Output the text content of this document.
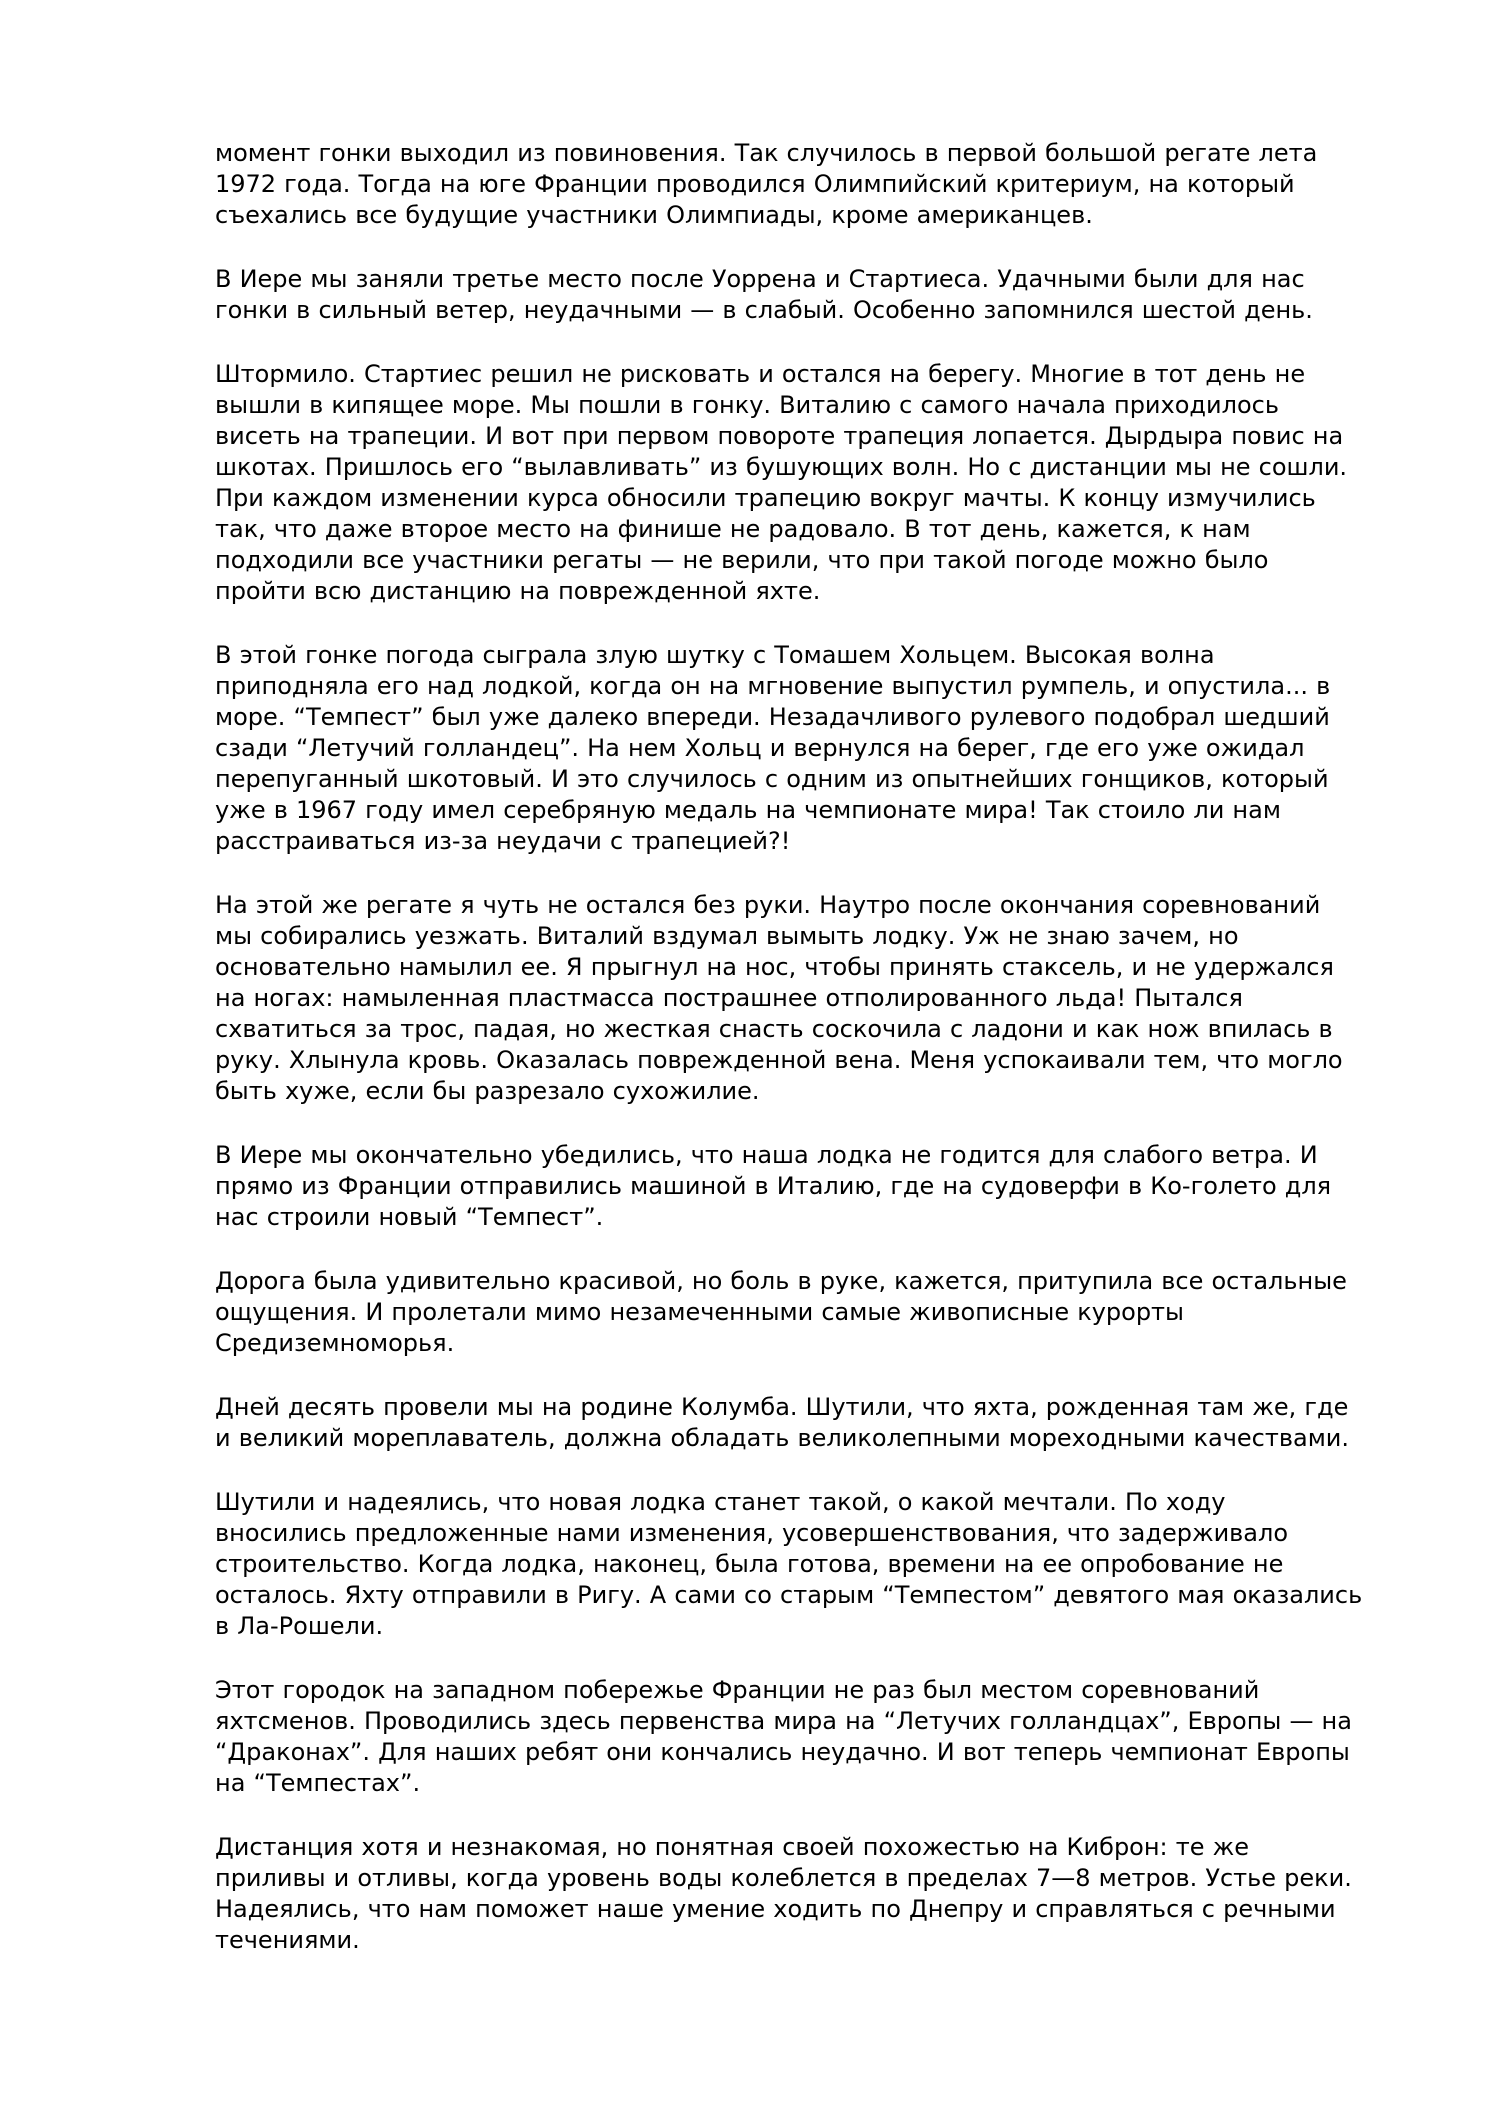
момент гонки выходил из повиновения. Так случилось в первой большой регате лета 1972 года. Тогда на юге Франции проводился Олимпийский критериум, на который съехались все будущие участники Олимпиады, кроме американцев.

В Иере мы заняли третье место после Уоррена и Стартиеса. Удачными были для нас гонки в сильный ветер, неудачными — в слабый. Особенно запомнился шестой день.

Штормило. Стартиес решил не рисковать и остался на берегу. Многие в тот день не вышли в кипящее море. Мы пошли в гонку. Виталию с самого начала приходилось висеть на трапеции. И вот при первом повороте трапеция лопается. Дырдыра повис на шкотах. Пришлось его “вылавливать” из бушующих волн. Но с дистанции мы не сошли. При каждом изменении курса обносили трапецию вокруг мачты. К концу измучились так, что даже второе место на финише не радовало. В тот день, кажется, к нам подходили все участники регаты — не верили, что при такой погоде можно было пройти всю дистанцию на поврежденной яхте.

В этой гонке погода сыграла злую шутку с Томашем Хольцем. Высокая волна приподняла его над лодкой, когда он на мгновение выпустил румпель, и опустила... в море. “Темпест” был уже далеко впереди. Незадачливого рулевого подобрал шедший сзади “Летучий голландец”. На нем Хольц и вернулся на берег, где его уже ожидал перепуганный шкотовый. И это случилось с одним из опытнейших гонщиков, который уже в 1967 году имел серебряную медаль на чемпионате мира! Так стоило ли нам расстраиваться из-за неудачи с трапецией?!

На этой же регате я чуть не остался без руки. Наутро после окончания соревнований мы собирались уезжать. Виталий вздумал вымыть лодку. Уж не знаю зачем, но основательно намылил ее. Я прыгнул на нос, чтобы принять стаксель, и не удержался на ногах: намыленная пластмасса пострашнее отполированного льда! Пытался схватиться за трос, падая, но жесткая снасть соскочила с ладони и как нож впилась в руку. Хлынула кровь. Оказалась поврежденной вена. Меня успокаивали тем, что могло быть хуже, если бы разрезало сухожилие.

В Иере мы окончательно убедились, что наша лодка не годится для слабого ветра. И прямо из Франции отправились машиной в Италию, где на судоверфи в Ко-голето для нас строили новый “Темпест”.

Дорога была удивительно красивой, но боль в руке, кажется, притупила все остальные ощущения. И пролетали мимо незамеченными самые живописные курорты Средиземноморья.

Дней десять провели мы на родине Колумба. Шутили, что яхта, рожденная там же, где и великий мореплаватель, должна обладать великолепными мореходными качествами.

Шутили и надеялись, что новая лодка станет такой, о какой мечтали. По ходу вносились предложенные нами изменения, усовершенствования, что задерживало строительство. Когда лодка, наконец, была готова, времени на ее опробование не осталось. Яхту отправили в Ригу. А сами со старым “Темпестом” девятого мая оказались в Ла-Рошели.

Этот городок на западном побережье Франции не раз был местом соревнований яхтсменов. Проводились здесь первенства мира на “Летучих голландцах”, Европы — на “Драконах”. Для наших ребят они кончались неудачно. И вот теперь чемпионат Европы на “Темпестах”.

Дистанция хотя и незнакомая, но понятная своей похожестью на Киброн: те же приливы и отливы, когда уровень воды колеблется в пределах 7—8 метров. Устье реки. Надеялись, что нам поможет наше умение ходить по Днепру и справляться с речными течениями.
